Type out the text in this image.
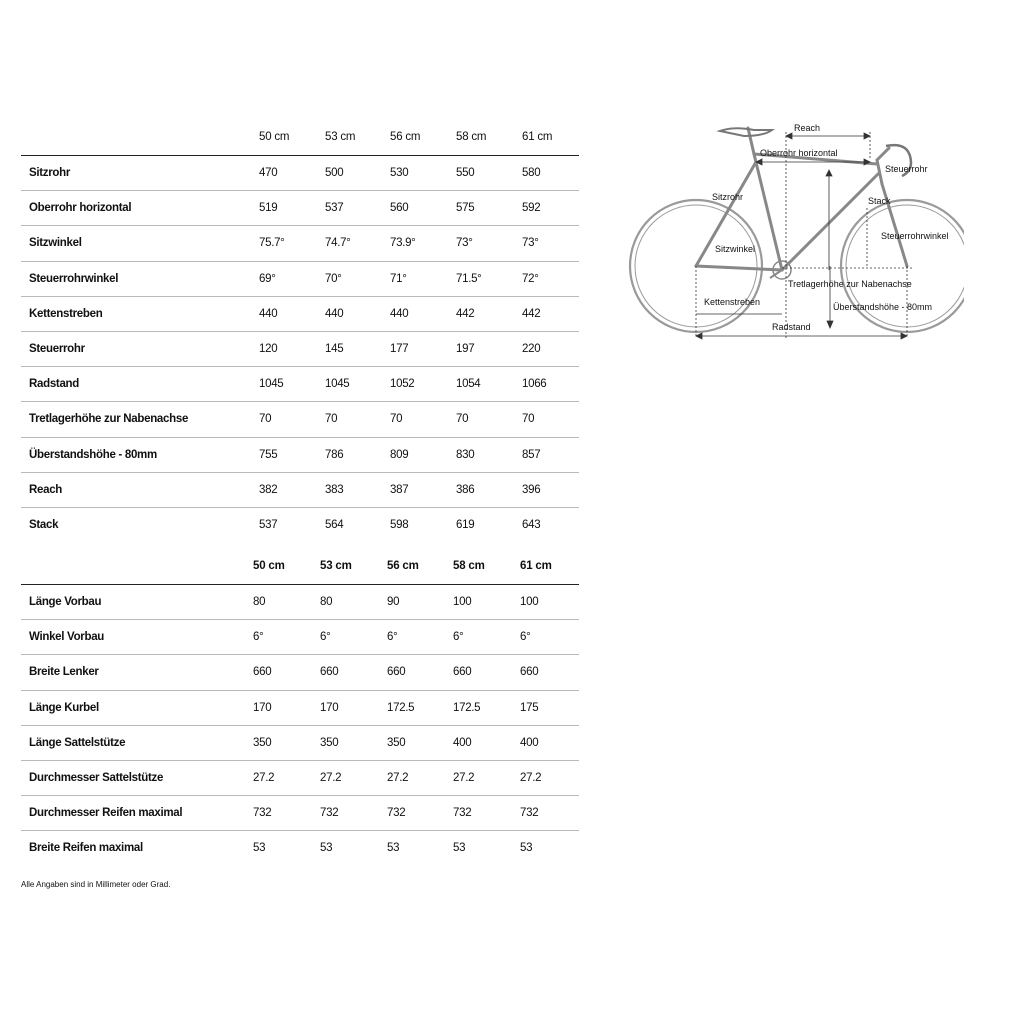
50 cm	53 cm	56 cm	58 cm	61 cm
Sitzrohr	470	500	530	550	580
Oberrohr horizontal	519	537	560	575	592
Sitzwinkel	75.7°	74.7°	73.9°	73°	73°
Steuerrohrwinkel	69°	70°	71°	71.5°	72°
Kettenstreben	440	440	440	442	442
Steuerrohr	120	145	177	197	220
Radstand	1045	1045	1052	1054	1066
Tretlagerhöhe zur Nabenachse	70	70	70	70	70
Überstandshöhe - 80mm	755	786	809	830	857
Reach	382	383	387	386	396
Stack	537	564	598	619	643
50 cm	53 cm	56 cm	58 cm	61 cm
Länge Vorbau	80	80	90	100	100
Winkel Vorbau	6°	6°	6°	6°	6°
Breite Lenker	660	660	660	660	660
Länge Kurbel	170	170	172.5	172.5	175
Länge Sattelstütze	350	350	350	400	400
Durchmesser Sattelstütze	27.2	27.2	27.2	27.2	27.2
Durchmesser Reifen maximal	732	732	732	732	732
Breite Reifen maximal	53	53	53	53	53
Alle Angaben sind in Millimeter oder Grad.
Reach
Oberrohr horizontal
Steuerrohr
Sitzrohr	Stack
Sitzwinkel
Steuerrohrwinkel
Tretlagerhöhe zur Nabenachse
Kettenstreben	Überstandshöhe - 80mm
Radstand
